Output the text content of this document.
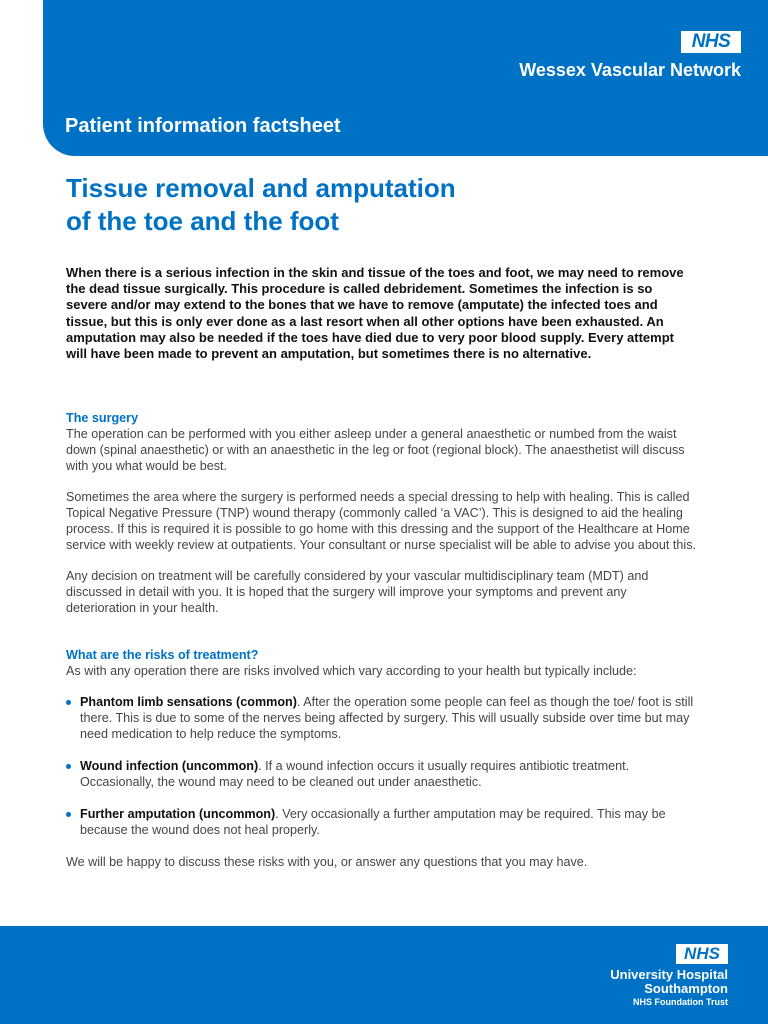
NHS
Wessex Vascular Network
Patient information factsheet
Tissue removal and amputation
of the toe and the foot

When there is a serious infection in the skin and tissue of the toes and foot, we may need to remove the dead tissue surgically. This procedure is called debridement. Sometimes the infection is so severe and/or may extend to the bones that we have to remove (amputate) the infected toes and tissue, but this is only ever done as a last resort when all other options have been exhausted. An amputation may also be needed if the toes have died due to very poor blood supply. Every attempt will have been made to prevent an amputation, but sometimes there is no alternative.

The surgery

The operation can be performed with you either asleep under a general anaesthetic or numbed from the waist down (spinal anaesthetic) or with an anaesthetic in the leg or foot (regional block). The anaesthetist will discuss with you what would be best.

Sometimes the area where the surgery is performed needs a special dressing to help with healing. This is called Topical Negative Pressure (TNP) wound therapy (commonly called ‘a VAC’). This is designed to aid the healing process. If this is required it is possible to go home with this dressing and the support of the Healthcare at Home service with weekly review at outpatients. Your consultant or nurse specialist will be able to advise you about this.

Any decision on treatment will be carefully considered by your vascular multidisciplinary team (MDT) and discussed in detail with you. It is hoped that the surgery will improve your symptoms and prevent any deterioration in your health.

What are the risks of treatment?

As with any operation there are risks involved which vary according to your health but typically include:

Phantom limb sensations (common). After the operation some people can feel as though the toe/ foot is still there. This is due to some of the nerves being affected by surgery. This will usually subside over time but may need medication to help reduce the symptoms.
Wound infection (uncommon). If a wound infection occurs it usually requires antibiotic treatment. Occasionally, the wound may need to be cleaned out under anaesthetic.
Further amputation (uncommon). Very occasionally a further amputation may be required. This may be because the wound does not heal properly.

We will be happy to discuss these risks with you, or answer any questions that you may have.

NHS
University Hospital
Southampton
NHS Foundation Trust
